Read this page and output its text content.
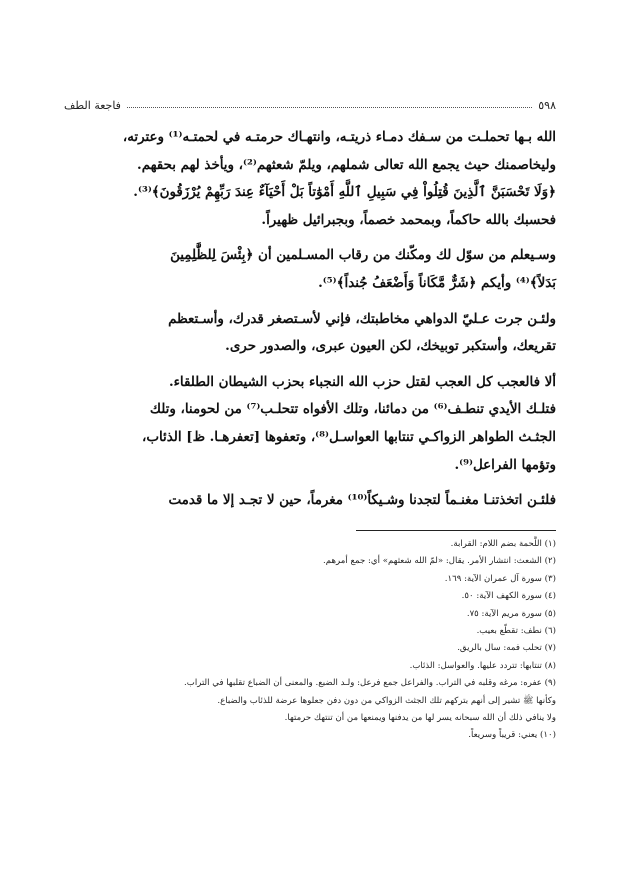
٥٩٨
فاجعة الطف

الله بـها تحملـت من سـفك دمـاء ذريتـه، وانتهـاك حرمتـه في لحمتـه⁽¹⁾ وعترته،
وليخاصمنك حيث يجمع الله تعالى شملهم، ويلمّ شعثهم⁽²⁾، ويأخذ لهم بحقهم.
﴿وَلَا تَحْسَبَنَّ ٱلَّذِينَ قُتِلُواْ فِي سَبِيلِ ٱللَّهِ أَمْوَٰتاً بَلْ أَحْيَآءٌ عِندَ رَبِّهِمْ يُرْزَقُونَ﴾⁽³⁾.
فحسبك بالله حاكماً، وبمحمد خصماً، وبجبرائيل ظهيراً.

وسـيعلم من سوّل لك ومكّنك من رقاب المسـلمين أن ﴿بِئْسَ لِلظَّٰلِمِينَ
بَدَلاً﴾⁽⁴⁾ وأيكم ﴿شَرٌّ مَّكَاناً وَأَضْعَفُ جُنداً﴾⁽⁵⁾.

ولئـن جرت عـليّ الدواهي مخاطبتك، فإني لأسـتصغر قدرك، وأسـتعظم
تقريعك، وأستكبر توبيخك، لكن العيون عبرى، والصدور حرى.

ألا فالعجب كل العجب لقتل حزب الله النجباء بحزب الشيطان الطلقاء.
فتلـك الأيدي تنطـف⁽⁶⁾ من دمائنا، وتلك الأفواه تتحلـب⁽⁷⁾ من لحومنا، وتلك
الجثـث الطواهر الزواكـي تنتابها العواسـل⁽⁸⁾، وتعفوها [تعفرهـا. ظ] الذئاب،
وتؤمها الفراعل⁽⁹⁾.

فلئـن اتخذتنـا مغنـماً لتجدنا وشـيكاً⁽¹⁰⁾ مغرماً، حين لا تجـد إلا ما قدمت

(١) اللَّحمة بضم اللام: القرابة.
(٢) الشعث: انتشار الأمر. يقال: «لمّ الله شعثهم» أي: جمع أمرهم.
(٣) سورة آل عمران الآية: ١٦٩.
(٤) سورة الكهف الآية: ٥٠.
(٥) سورة مريم الآية: ٧٥.
(٦) نطف: تقطّع بعيب.
(٧) تحلب فمه: سال بالريق.
(٨) تنتابها: تتردد عليها. والعواسل: الذئاب.
(٩) عفره: مرغه وقلبه في التراب. والفراعل جمع فرعل: ولـد الضبع. والمعنى أن الضباع تقلبها في التراب.
وكأنها ﷺ تشير إلى أنهم بتركهم تلك الجثث الزواكي من دون دفن جعلوها عرضة للذئاب والضباع.
ولا ينافي ذلك أن الله سبحانه يسر لها من يدفنها ويمنعها من أن تنتهك حرمتها.
(١٠) يعني: قريباً وسريعاً.
